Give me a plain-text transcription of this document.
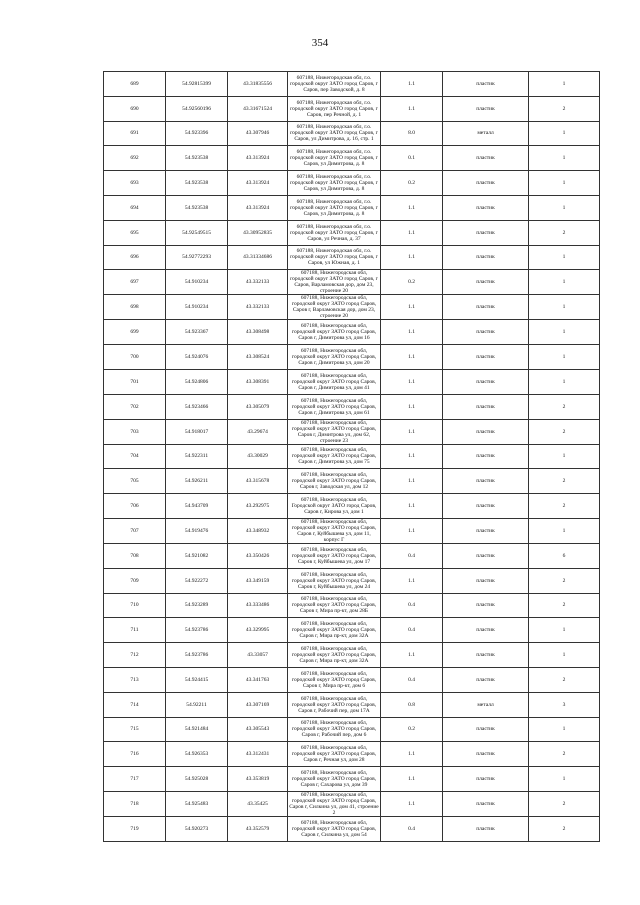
354
689	54.92815399	43.31835556	607188, Нижегородская обл, г.о. городской округ ЗАТО город Саров, г Саров, пер Заводской, д. 8	1.1	пластик	1
690	54.92560196	43.31671524	607188, Нижегородская обл, г.о. городской округ ЗАТО город Саров, г Саров, пер Речной, д. 1	1.1	пластик	2
691	54.923396	43.307946	607188, Нижегородская обл, г.о. городской округ ЗАТО город Саров, г Саров, ул Димитрова, д. 16, стр. 1	8.0	металл	1
692	54.923538	43.313924	607188, Нижегородская обл, г.о. городской округ ЗАТО город Саров, г Саров, ул Димитрова, д. 8	0.1	пластик	1
693	54.923538	43.313924	607188, Нижегородская обл, г.о. городской округ ЗАТО город Саров, г Саров, ул Димитрова, д. 8	0.2	пластик	1
694	54.923538	43.313924	607188, Нижегородская обл, г.о. городской округ ЗАТО город Саров, г Саров, ул Димитрова, д. 8	1.1	пластик	1
695	54.92549515	43.30952835	607188, Нижегородская обл, г.о. городской округ ЗАТО город Саров, г Саров, ул Речная, д. 37	1.1	пластик	2
696	54.92772293	43.31334686	607188, Нижегородская обл, г.о. городской округ ЗАТО город Саров, г Саров, ул Южная, д. 1	1.1	пластик	1
697	54.910234	43.332133	607188, Нижегородская обл, городской округ ЗАТО город Саров, г Саров, Варламовская дор, дом 23, строение 20	0.2	пластик	1
698	54.910234	43.332133	607188, Нижегородская обл, городской округ ЗАТО город Саров, Саров г, Варламовская дор, дом 23, строение 20	1.1	пластик	1
699	54.923367	43.308498	607188, Нижегородская обл, городской округ ЗАТО город Саров, Саров г, Димитрова ул, дом 16	1.1	пластик	1
700	54.924076	43.308524	607188, Нижегородская обл, городской округ ЗАТО город Саров, Саров г, Димитрова ул, дом 20	1.1	пластик	1
701	54.924806	43.308391	607188, Нижегородская обл, городской округ ЗАТО город Саров, Саров г, Димитрова ул, дом 41	1.1	пластик	1
702	54.923466	43.305079	607188, Нижегородская обл, городской округ ЗАТО город Саров, Саров г, Димитрова ул, дом 61	1.1	пластик	2
703	54.918017	43.29674	607188, Нижегородская обл, городской округ ЗАТО город Саров, Саров г, Димитрова ул, дом 62, строение 23	1.1	пластик	2
704	54.922311	43.30029	607188, Нижегородская обл, городской округ ЗАТО город Саров, Саров г, Димитрова ул, дом 75	1.1	пластик	1
705	54.926211	43.315678	607188, Нижегородская обл, городской округ ЗАТО город Саров, Саров г, Заводская ул, дом 12	1.1	пластик	2
706	54.943709	43.292975	607188, Нижегородская обл, Городской округ ЗАТО город Саров, Саров г, Кирова ул, дом 1	1.1	пластик	2
707	54.919476	43.348932	607188, Нижегородская обл, городской округ ЗАТО город Саров, Саров г, Куйбышева ул, дом 11, корпус Г	1.1	пластик	1
708	54.921082	43.350426	607188, Нижегородская обл, городской округ ЗАТО город Саров, Саров г, Куйбышева ул, дом 17	0.4	пластик	6
709	54.922272	43.349159	607188, Нижегородская обл, городской округ ЗАТО город Саров, Саров г, Куйбышева ул, дом 24	1.1	пластик	2
710	54.923289	43.333486	607188, Нижегородская обл, городской округ ЗАТО город Саров, Саров г, Мира пр-кт, дом 28Б	0.4	пластик	2
711	54.923786	43.329995	607188, Нижегородская обл, городской округ ЗАТО город Саров, Саров г, Мира пр-кт, дом 32А	0.4	пластик	1
712	54.923786	43.33057	607188, Нижегородская обл, городской округ ЗАТО город Саров, Саров г, Мира пр-кт, дом 32А	1.1	пластик	1
713	54.924415	43.341763	607188, Нижегородская обл, городской округ ЗАТО город Саров, Саров г, Мира пр-кт, дом 6	0.4	пластик	2
714	54.92211	43.307169	607188, Нижегородская обл, городской округ ЗАТО город Саров, Саров г, Рабочий пер, дом 17А	0.8	металл	3
715	54.921484	43.305543	607188, Нижегородская обл, городской округ ЗАТО город Саров, Саров г, Рабочий пер, дом 6	0.2	пластик	1
716	54.926353	43.312431	607188, Нижегородская обл, городской округ ЗАТО город Саров, Саров г, Речная ул, дом 28	1.1	пластик	2
717	54.925028	43.353819	607188, Нижегородская обл, городской округ ЗАТО город Саров, Саров г, Сахарова ул, дом 39	1.1	пластик	1
718	54.925483	43.35425	607188, Нижегородская обл, городской округ ЗАТО город Саров, Саров г, Силкина ул, дом 41, строение 2	1.1	пластик	2
719	54.920273	43.352579	607188, Нижегородская обл, городской округ ЗАТО город Саров, Саров г, Силкина ул, дом 54	0.4	пластик	2
